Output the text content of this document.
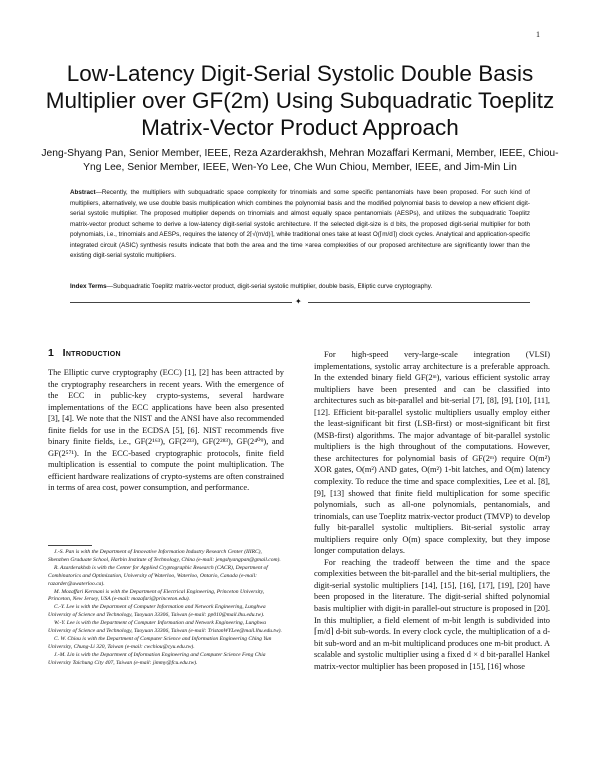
1
Low-Latency Digit-Serial Systolic Double Basis Multiplier over GF(2m) Using Subquadratic Toeplitz Matrix-Vector Product Approach
Jeng-Shyang Pan, Senior Member, IEEE, Reza Azarderakhsh, Mehran Mozaffari Kermani, Member, IEEE, Chiou-Yng Lee, Senior Member, IEEE, Wen-Yo Lee, Che Wun Chiou, Member, IEEE, and Jim-Min Lin
Abstract—Recently, the multipliers with subquadratic space complexity for trinomials and some specific pentanomials have been proposed. For such kind of multipliers, alternatively, we use double basis multiplication which combines the polynomial basis and the modified polynomial basis to develop a new efficient digit-serial systolic multiplier. The proposed multiplier depends on trinomials and almost equally space pentanomials (AESPs), and utilizes the subquadratic Toeplitz matrix-vector product scheme to derive a low-latency digit-serial systolic architecture. If the selected digit-size is d bits, the proposed digit-serial multiplier for both polynomials, i.e., trinomials and AESPs, requires the latency of 2⌈√(m/d)⌉, while traditional ones take at least O(⌈m/d⌉) clock cycles. Analytical and application-specific integrated circuit (ASIC) synthesis results indicate that both the area and the time ×area complexities of our proposed architecture are significantly lower than the existing digit-serial systolic multipliers.
Index Terms—Subquadratic Toeplitz matrix-vector product, digit-serial systolic multiplier, double basis, Elliptic curve cryptography.
✦
1 Introduction

The Elliptic curve cryptography (ECC) [1], [2] has been attracted by the cryptography researchers in recent years. With the emergence of the ECC in public-key crypto-systems, several hardware implementations of the ECC applications have been also presented [3], [4]. We note that the NIST and the ANSI have also recommended finite fields for use in the ECDSA [5], [6]. NIST recommends five binary finite fields, i.e., GF(2¹⁶³), GF(2²³³), GF(2²⁸³), GF(2⁴⁰⁹), and GF(2⁵⁷¹). In the ECC-based cryptographic protocols, finite field multiplication is essential to compute the point multiplication. The efficient hardware realizations of crypto-systems are often constrained in terms of area cost, power consumption, and performance.

J.-S. Pan is with the Department of Innovative Information Industry Research Center (IIIRC), Shenzhen Graduate School, Harbin Institute of Technology, China (e-mail: jengshyangpan@gmail.com).

R. Azarderakhsh is with the Center for Applied Cryptographic Research (CACR), Department of Combinatorics and Optimization, University of Waterloo, Waterloo, Ontario, Canada (e-mail: razarder@uwaterloo.ca).

M. Mozaffari Kermani is with the Department of Electrical Engineering, Princeton University, Princeton, New Jersey, USA (e-mail: mozafari@princeton.edu).

C.-Y. Lee is with the Department of Computer Information and Network Engineering, Lunghwa University of Science and Technology, Taoyuan 33306, Taiwan (e-mail: pp010@mail.lhu.edu.tw).

W.-Y. Lee is with the Department of Computer Information and Network Engineering, Lunghwa University of Science and Technology, Taoyuan 33306, Taiwan (e-mail: TristanWYLee@mail.lhu.edu.tw).

C. W. Chiou is with the Department of Computer Science and Information Engineering Ching Yun University, Chung-Li 320, Taiwan (e-mail: cwchiou@cyu.edu.tw).

J.-M. Lin is with the Department of Information Engineering and Computer Science Feng Chia University Taichung City 407, Taiwan (e-mail: jimmy@fcu.edu.tw).

For high-speed very-large-scale integration (VLSI) implementations, systolic array architecture is a preferable approach. In the extended binary field GF(2ᵐ), various efficient systolic array multipliers have been presented and can be classified into architectures such as bit-parallel and bit-serial [7], [8], [9], [10], [11], [12]. Efficient bit-parallel systolic multipliers usually employ either the least-significant bit first (LSB-first) or most-significant bit first (MSB-first) algorithms. The major advantage of bit-parallel systolic multipliers is the high throughout of the computations. However, these architectures for polynomial basis of GF(2ᵐ) require O(m²) XOR gates, O(m²) AND gates, O(m²) 1-bit latches, and O(m) latency complexity. To reduce the time and space complexities, Lee et al. [8], [9], [13] showed that finite field multiplication for some specific polynomials, such as all-one polynomials, pentanomials, and trinomials, can use Toeplitz matrix-vector product (TMVP) to develop fully bit-parallel systolic multipliers. Bit-serial systolic array multipliers require only O(m) space complexity, but they impose longer computation delays.

For reaching the tradeoff between the time and the space complexities between the bit-parallel and the bit-serial multipliers, the digit-serial systolic multipliers [14], [15], [16], [17], [19], [20] have been proposed in the literature. The digit-serial shifted polynomial basis multiplier with digit-in parallel-out structure is proposed in [20]. In this multiplier, a field element of m-bit length is subdivided into ⌈m/d⌉ d-bit sub-words. In every clock cycle, the multiplication of a d-bit sub-word and an m-bit multiplicand produces one m-bit product. A scalable and systolic multiplier using a fixed d × d bit-parallel Hankel matrix-vector multiplier has been proposed in [15], [16] whose
